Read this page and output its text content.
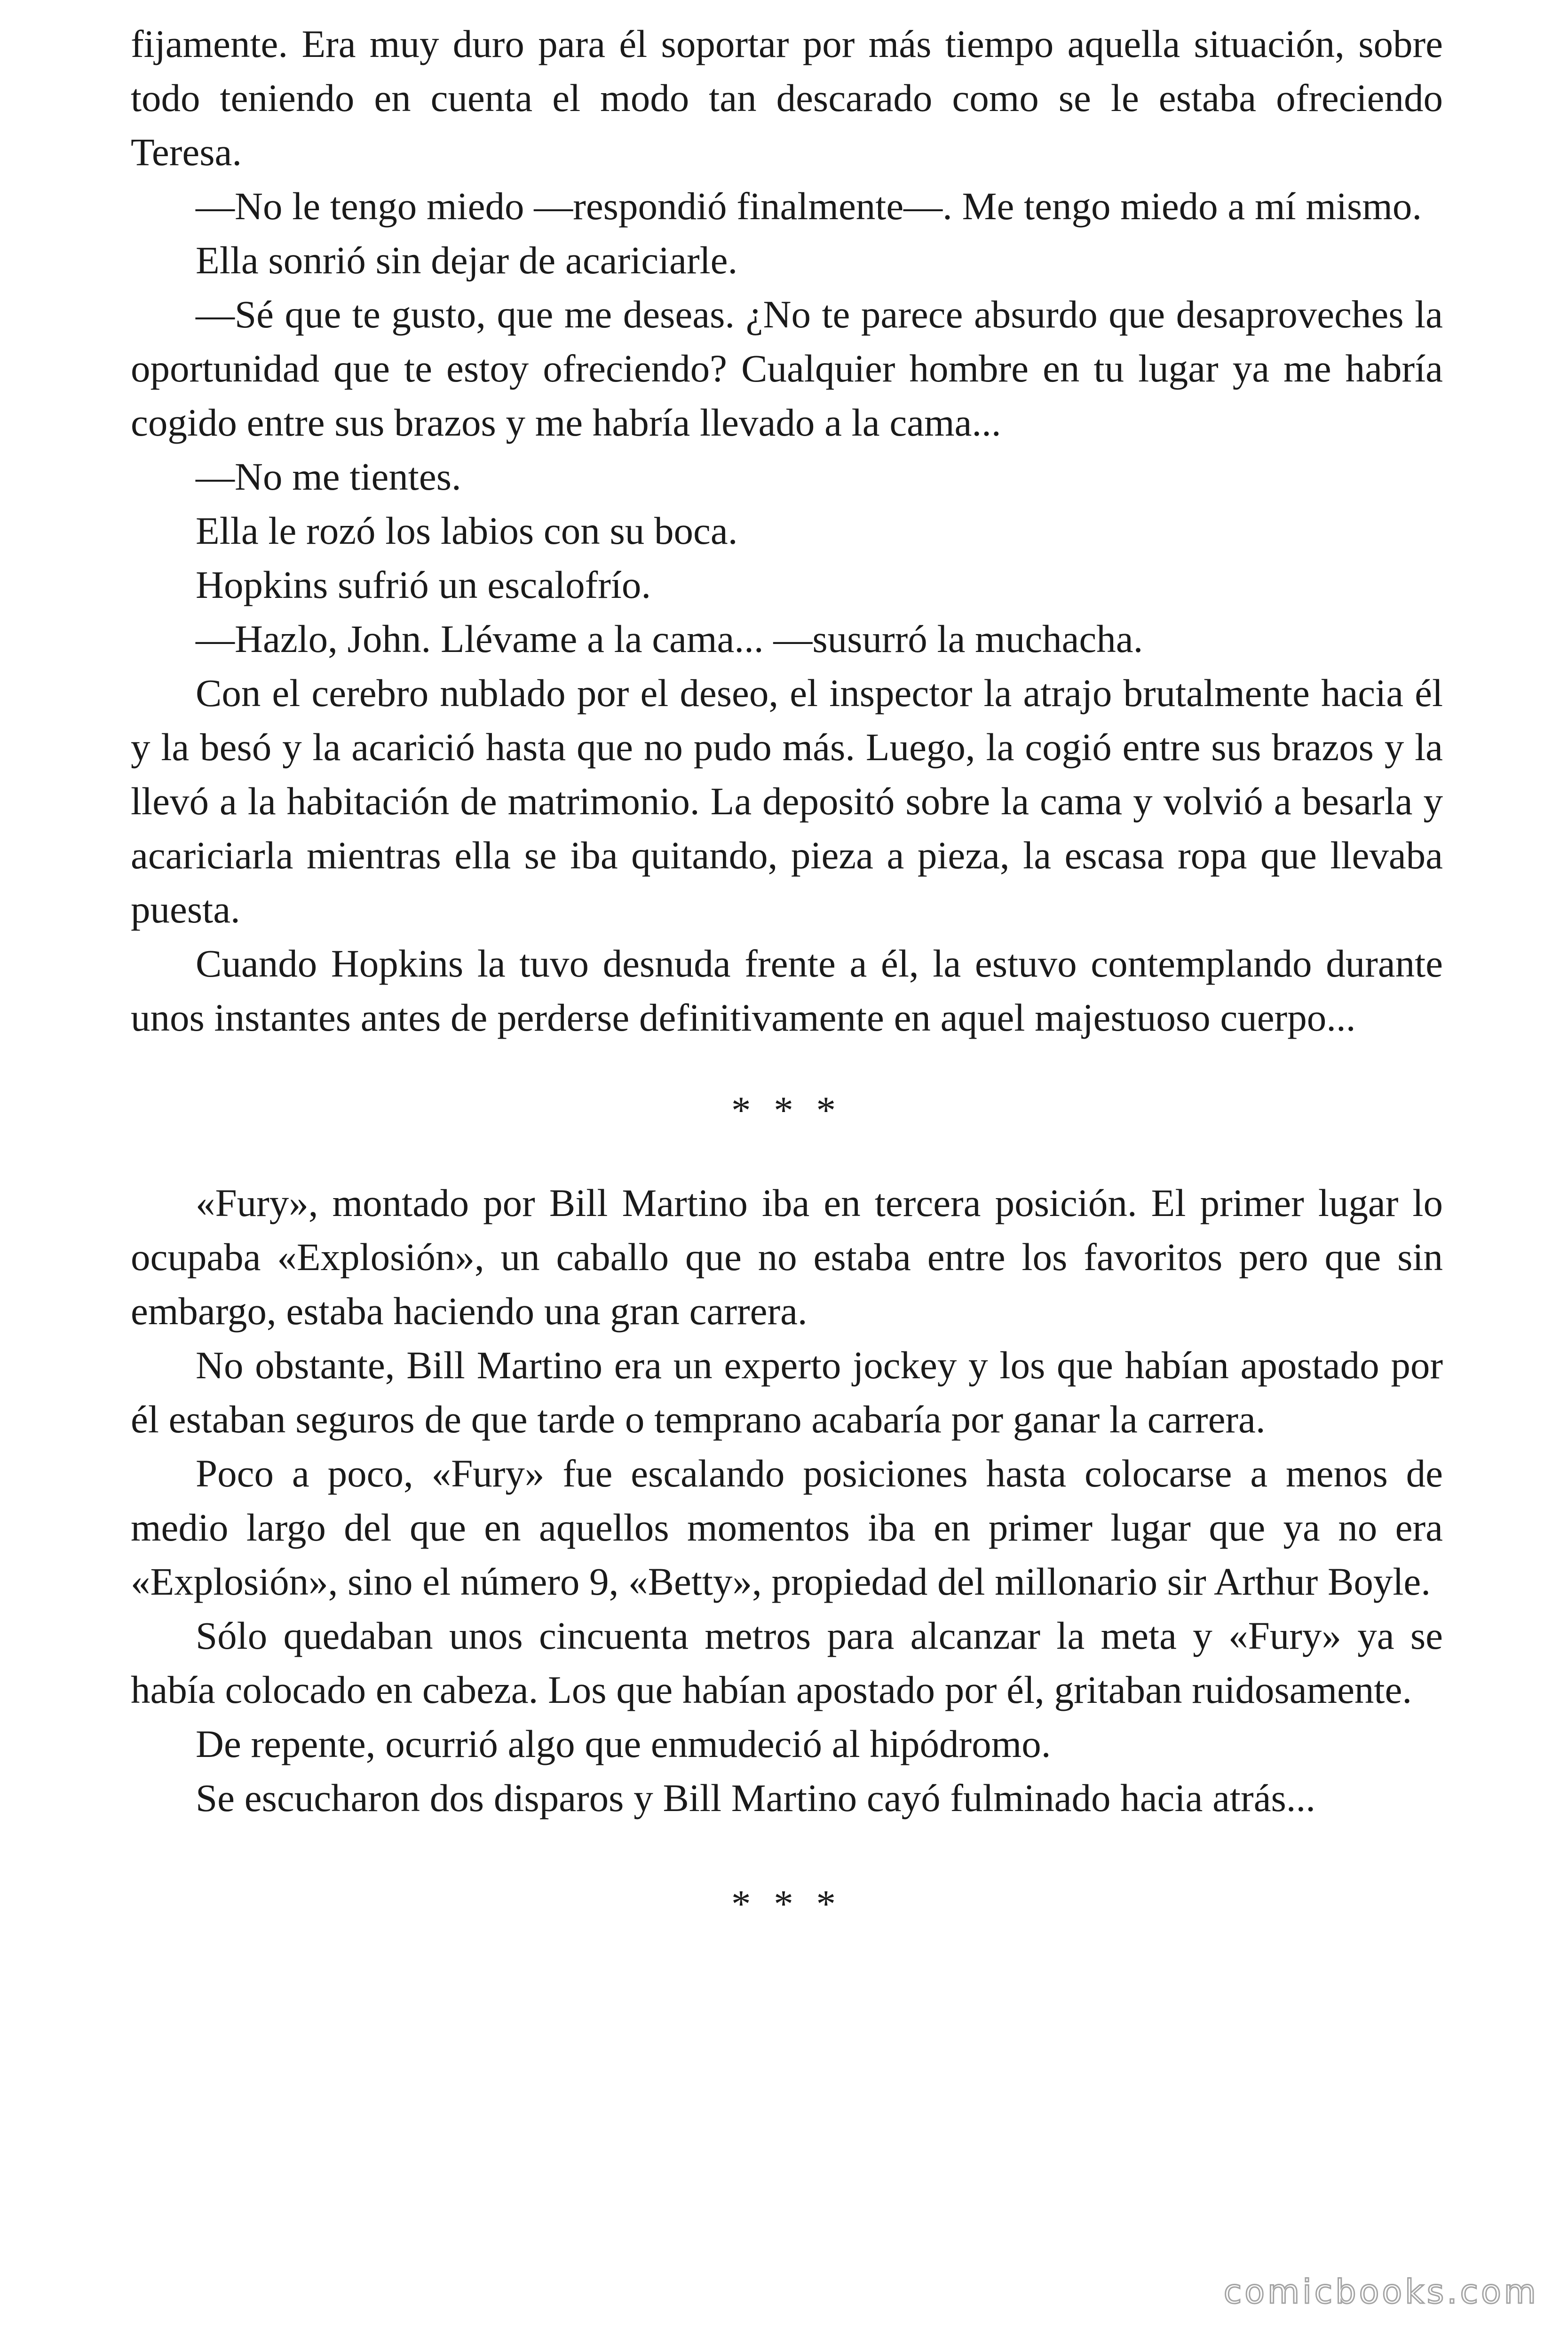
fijamente. Era muy duro para él soportar por más tiempo aquella situación, sobre todo teniendo en cuenta el modo tan descarado como se le estaba ofreciendo Teresa.

—No le tengo miedo —respondió finalmente—. Me tengo miedo a mí mismo.

Ella sonrió sin dejar de acariciarle.

—Sé que te gusto, que me deseas. ¿No te parece absurdo que desaproveches la oportunidad que te estoy ofreciendo? Cualquier hombre en tu lugar ya me habría cogido entre sus brazos y me habría llevado a la cama...

—No me tientes.

Ella le rozó los labios con su boca.

Hopkins sufrió un escalofrío.

—Hazlo, John. Llévame a la cama... —susurró la muchacha.

Con el cerebro nublado por el deseo, el inspector la atrajo brutalmente hacia él y la besó y la acarició hasta que no pudo más. Luego, la cogió entre sus brazos y la llevó a la habitación de matrimonio. La depositó sobre la cama y volvió a besarla y acariciarla mientras ella se iba quitando, pieza a pieza, la escasa ropa que llevaba puesta.

Cuando Hopkins la tuvo desnuda frente a él, la estuvo contemplando durante unos instantes antes de perderse definitivamente en aquel majestuoso cuerpo...

* * *

«Fury», montado por Bill Martino iba en tercera posición. El primer lugar lo ocupaba «Explosión», un caballo que no estaba entre los favoritos pero que sin embargo, estaba haciendo una gran carrera.

No obstante, Bill Martino era un experto jockey y los que habían apostado por él estaban seguros de que tarde o temprano acabaría por ganar la carrera.

Poco a poco, «Fury» fue escalando posiciones hasta colocarse a menos de medio largo del que en aquellos momentos iba en primer lugar que ya no era «Explosión», sino el número 9, «Betty», propiedad del millonario sir Arthur Boyle.

Sólo quedaban unos cincuenta metros para alcanzar la meta y «Fury» ya se había colocado en cabeza. Los que habían apostado por él, gritaban ruidosamente.

De repente, ocurrió algo que enmudeció al hipódromo.

Se escucharon dos disparos y Bill Martino cayó fulminado hacia atrás...

* * *
comicbooks.com
